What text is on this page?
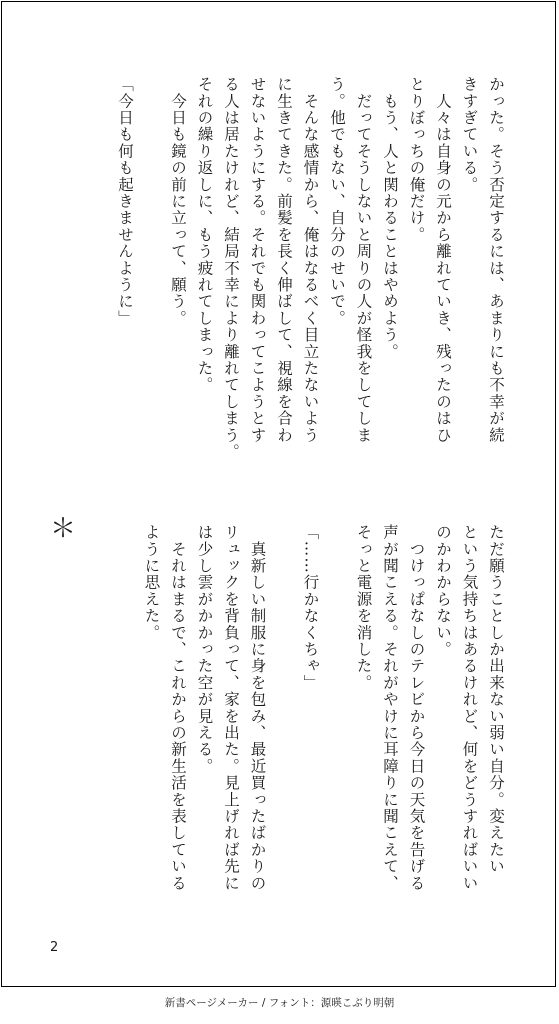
かった。そう否定するには、あまりにも不幸が続

きすぎている。

　人々は自身の元から離れていき、残ったのはひ

とりぼっちの俺だけ。

　もう、人と関わることはやめよう。

　だってそうしないと周りの人が怪我をしてしま

う。他でもない、自分のせいで。

　そんな感情から、俺はなるべく目立たないよう

に生きてきた。前髪を長く伸ばして、視線を合わ

せないようにする。それでも関わってこようとす

る人は居たけれど、結局不幸により離れてしまう。

それの繰り返しに、もう疲れてしまった。

　今日も鏡の前に立って、願う。

「今日も何も起きませんように」

ただ願うことしか出来ない弱い自分。変えたい

という気持ちはあるけれど、何をどうすればいい

のかわからない。

　つけっぱなしのテレビから今日の天気を告げる

声が聞こえる。それがやけに耳障りに聞こえて、

そっと電源を消した。

「……行かなくちゃ」

　真新しい制服に身を包み、最近買ったばかりの

リュックを背負って、家を出た。見上げれば先に

は少し雲がかかった空が見える。

　それはまるで、これからの新生活を表している

ように思えた。

＊
2
新書ページメーカー / フォント：源暎こぶり明朝
